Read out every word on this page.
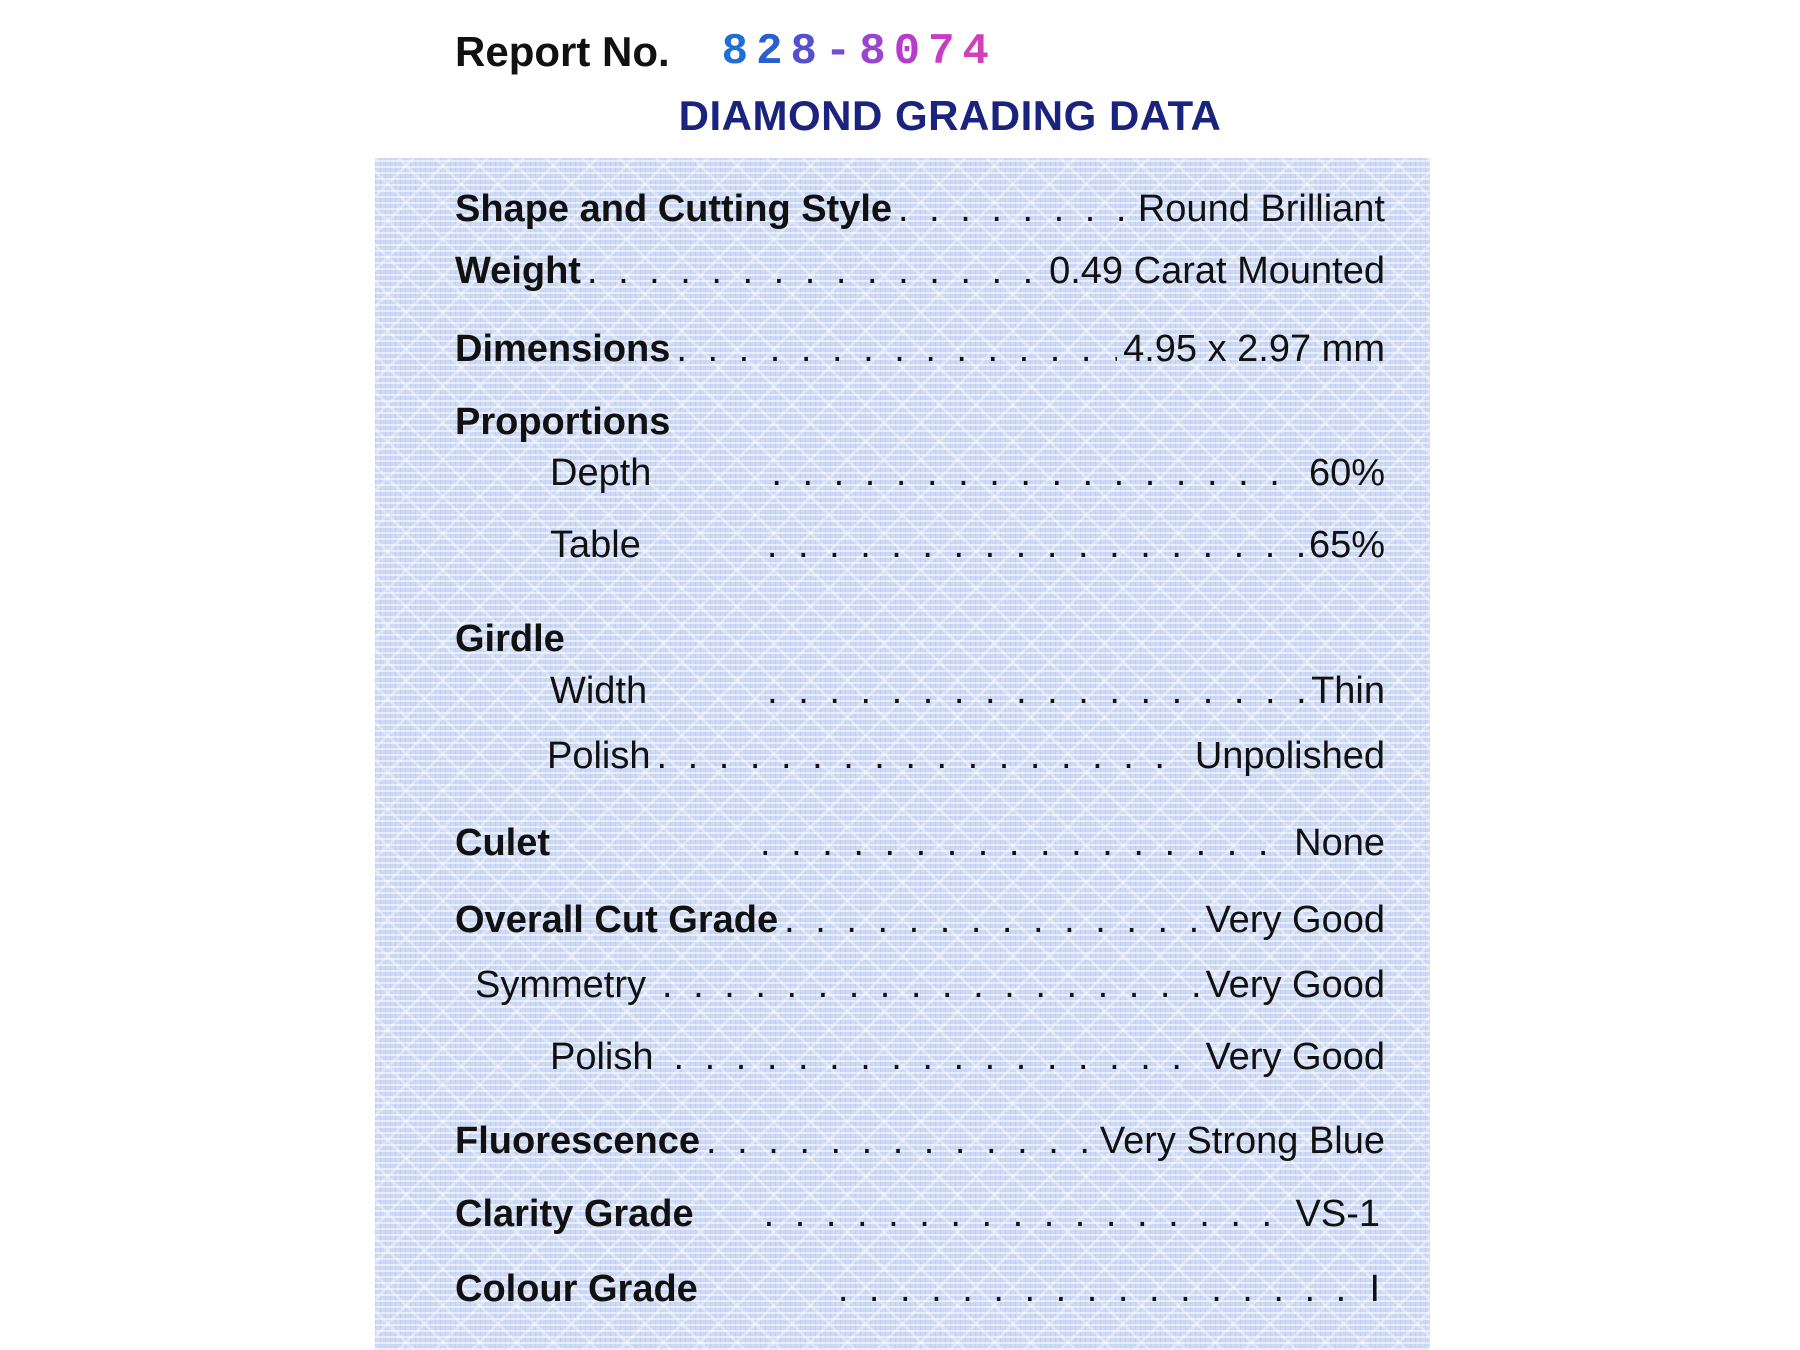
Report No. 8 2 8 - 8 0 7 4
DIAMOND GRADING DATA
Shape and Cutting Style . . .	Round Brilliant
Weight . . .	0.49 Carat Mounted
Dimensions . . .	4.95 x 2.97 mm
Proportions
Depth . . .	60%
Table . . .	65%
Girdle
Width . . .	Thin
Polish . . .	Unpolished
Culet . . .	None
Overall Cut Grade . . .	Very Good
Symmetry . . .	Very Good
Polish . . .	Very Good
Fluorescence . . .	Very Strong Blue
Clarity Grade . . .	VS-1
Colour Grade . . .	I
